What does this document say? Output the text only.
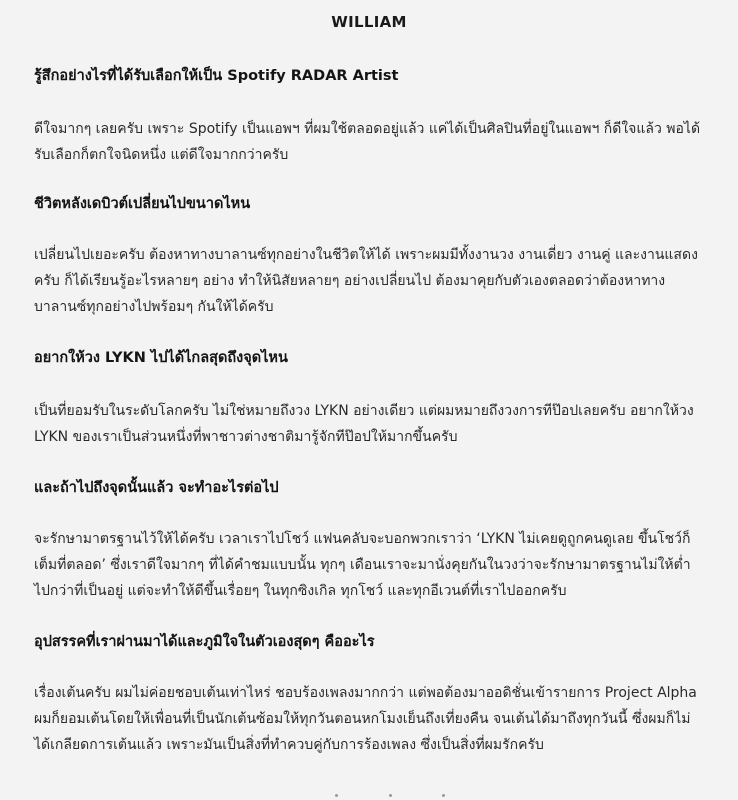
WILLIAM

รู้สึกอย่างไรที่ได้รับเลือกให้เป็น Spotify RADAR Artist

ดีใจมากๆ เลยครับ เพราะ Spotify เป็นแอพฯ ที่ผมใช้ตลอดอยู่แล้ว แค่ได้เป็นศิลปินที่อยู่ในแอพฯ ก็ดีใจแล้ว พอได้รับเลือกก็ตกใจนิดหนึ่ง แต่ดีใจมากกว่าครับ

ชีวิตหลังเดบิวต์เปลี่ยนไปขนาดไหน

เปลี่ยนไปเยอะครับ ต้องหาทางบาลานซ์ทุกอย่างในชีวิตให้ได้ เพราะผมมีทั้งงานวง งานเดี่ยว งานคู่ และงานแสดงครับ ก็ได้เรียนรู้อะไรหลายๆ อย่าง ทำให้นิสัยหลายๆ อย่างเปลี่ยนไป ต้องมาคุยกับตัวเองตลอดว่าต้องหาทางบาลานซ์ทุกอย่างไปพร้อมๆ กันให้ได้ครับ

อยากให้วง LYKN ไปได้ไกลสุดถึงจุดไหน

เป็นที่ยอมรับในระดับโลกครับ ไม่ใช่หมายถึงวง LYKN อย่างเดียว แต่ผมหมายถึงวงการทีป๊อปเลยครับ อยากให้วง LYKN ของเราเป็นส่วนหนึ่งที่พาชาวต่างชาติมารู้จักทีป๊อปให้มากขึ้นครับ

และถ้าไปถึงจุดนั้นแล้ว จะทำอะไรต่อไป

จะรักษามาตรฐานไว้ให้ได้ครับ เวลาเราไปโชว์ แฟนคลับจะบอกพวกเราว่า ‘LYKN ไม่เคยดูถูกคนดูเลย ขึ้นโชว์ก็เต็มที่ตลอด’ ซึ่งเราดีใจมากๆ ที่ได้คำชมแบบนั้น ทุกๆ เดือนเราจะมานั่งคุยกันในวงว่าจะรักษามาตรฐานไม่ให้ต่ำไปกว่าที่เป็นอยู่ แต่จะทำให้ดีขึ้นเรื่อยๆ ในทุกซิงเกิล ทุกโชว์ และทุกอีเวนต์ที่เราไปออกครับ

อุปสรรคที่เราผ่านมาได้และภูมิใจในตัวเองสุดๆ คืออะไร

เรื่องเต้นครับ ผมไม่ค่อยชอบเต้นเท่าไหร่ ชอบร้องเพลงมากกว่า แต่พอต้องมาออดิชั่นเข้ารายการ Project Alpha ผมก็ยอมเต้นโดยให้เพื่อนที่เป็นนักเต้นซ้อมให้ทุกวันตอนหกโมงเย็นถึงเที่ยงคืน จนเต้นได้มาถึงทุกวันนี้ ซึ่งผมก็ไม่ได้เกลียดการเต้นแล้ว เพราะมันเป็นสิ่งที่ทำควบคู่กับการร้องเพลง ซึ่งเป็นสิ่งที่ผมรักครับ
